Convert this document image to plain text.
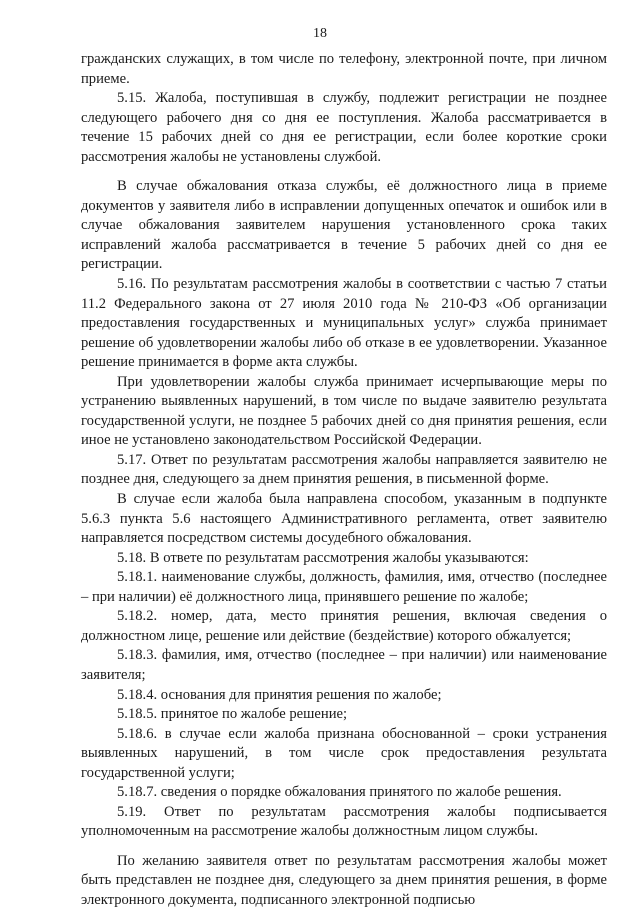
18

гражданских служащих, в том числе по телефону, электронной почте, при личном приеме.

5.15. Жалоба, поступившая в службу, подлежит регистрации не позднее следующего рабочего дня со дня ее поступления. Жалоба рассматривается в течение 15 рабочих дней со дня ее регистрации, если более короткие сроки рассмотрения жалобы не установлены службой.

В случае обжалования отказа службы, её должностного лица в приеме документов у заявителя либо в исправлении допущенных опечаток и ошибок или в случае обжалования заявителем нарушения установленного срока таких исправлений жалоба рассматривается в течение 5 рабочих дней со дня ее регистрации.

5.16. По результатам рассмотрения жалобы в соответствии с частью 7 статьи 11.2 Федерального закона от 27 июля 2010 года № 210-ФЗ «Об организации предоставления государственных и муниципальных услуг» служба принимает решение об удовлетворении жалобы либо об отказе в ее удовлетворении. Указанное решение принимается в форме акта службы.

При удовлетворении жалобы служба принимает исчерпывающие меры по устранению выявленных нарушений, в том числе по выдаче заявителю результата государственной услуги, не позднее 5 рабочих дней со дня принятия решения, если иное не установлено законодательством Российской Федерации.

5.17. Ответ по результатам рассмотрения жалобы направляется заявителю не позднее дня, следующего за днем принятия решения, в письменной форме.

В случае если жалоба была направлена способом, указанным в подпункте 5.6.3 пункта 5.6 настоящего Административного регламента, ответ заявителю направляется посредством системы досудебного обжалования.

5.18. В ответе по результатам рассмотрения жалобы указываются:

5.18.1. наименование службы, должность, фамилия, имя, отчество (последнее – при наличии) её должностного лица, принявшего решение по жалобе;

5.18.2. номер, дата, место принятия решения, включая сведения о должностном лице, решение или действие (бездействие) которого обжалуется;

5.18.3. фамилия, имя, отчество (последнее – при наличии) или наименование заявителя;

5.18.4. основания для принятия решения по жалобе;

5.18.5. принятое по жалобе решение;

5.18.6. в случае если жалоба признана обоснованной – сроки устранения выявленных нарушений, в том числе срок предоставления результата государственной услуги;

5.18.7. сведения о порядке обжалования принятого по жалобе решения.

5.19. Ответ по результатам рассмотрения жалобы подписывается уполномоченным на рассмотрение жалобы должностным лицом службы.

По желанию заявителя ответ по результатам рассмотрения жалобы может быть представлен не позднее дня, следующего за днем принятия решения, в форме электронного документа, подписанного электронной подписью
